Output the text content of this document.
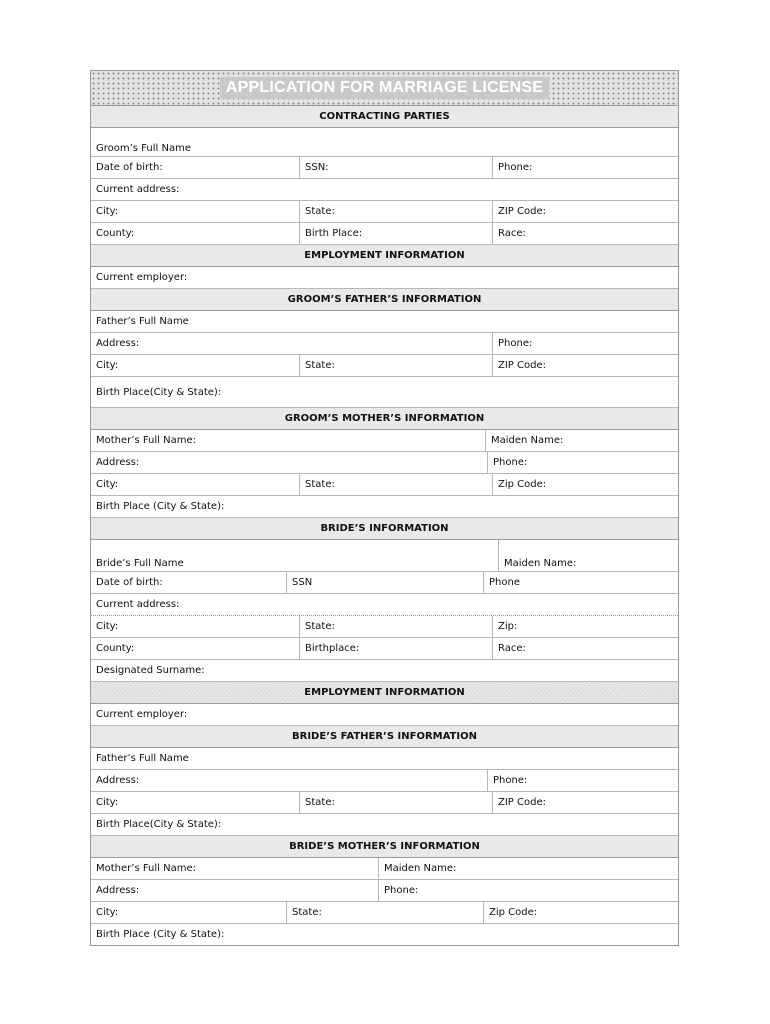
APPLICATION FOR MARRIAGE LICENSE
CONTRACTING PARTIES
Groom’s Full Name
Date of birth:	SSN:	Phone:
Current address:
City:	State:	ZIP Code:
County:	Birth Place:	Race:
EMPLOYMENT INFORMATION
Current employer:
GROOM’S FATHER’S INFORMATION
Father’s Full Name
Address:	Phone:
City:	State:	ZIP Code:
Birth Place(City & State):
GROOM’S MOTHER’S INFORMATION
Mother’s Full Name:	Maiden Name:
Address:	Phone:
City:	State:	Zip Code:
Birth Place (City & State):
BRIDE’S INFORMATION
Bride’s Full Name	Maiden Name:
Date of birth:	SSN	Phone
Current address:
City:	State:	Zip:
County:	Birthplace:	Race:
Designated Surname:
EMPLOYMENT INFORMATION
Current employer:
BRIDE’S FATHER’S INFORMATION
Father’s Full Name
Address:	Phone:
City:	State:	ZIP Code:
Birth Place(City & State):
BRIDE’S MOTHER’S INFORMATION
Mother’s Full Name:	Maiden Name:
Address:	Phone:
City:	State:	Zip Code:
Birth Place (City & State):
